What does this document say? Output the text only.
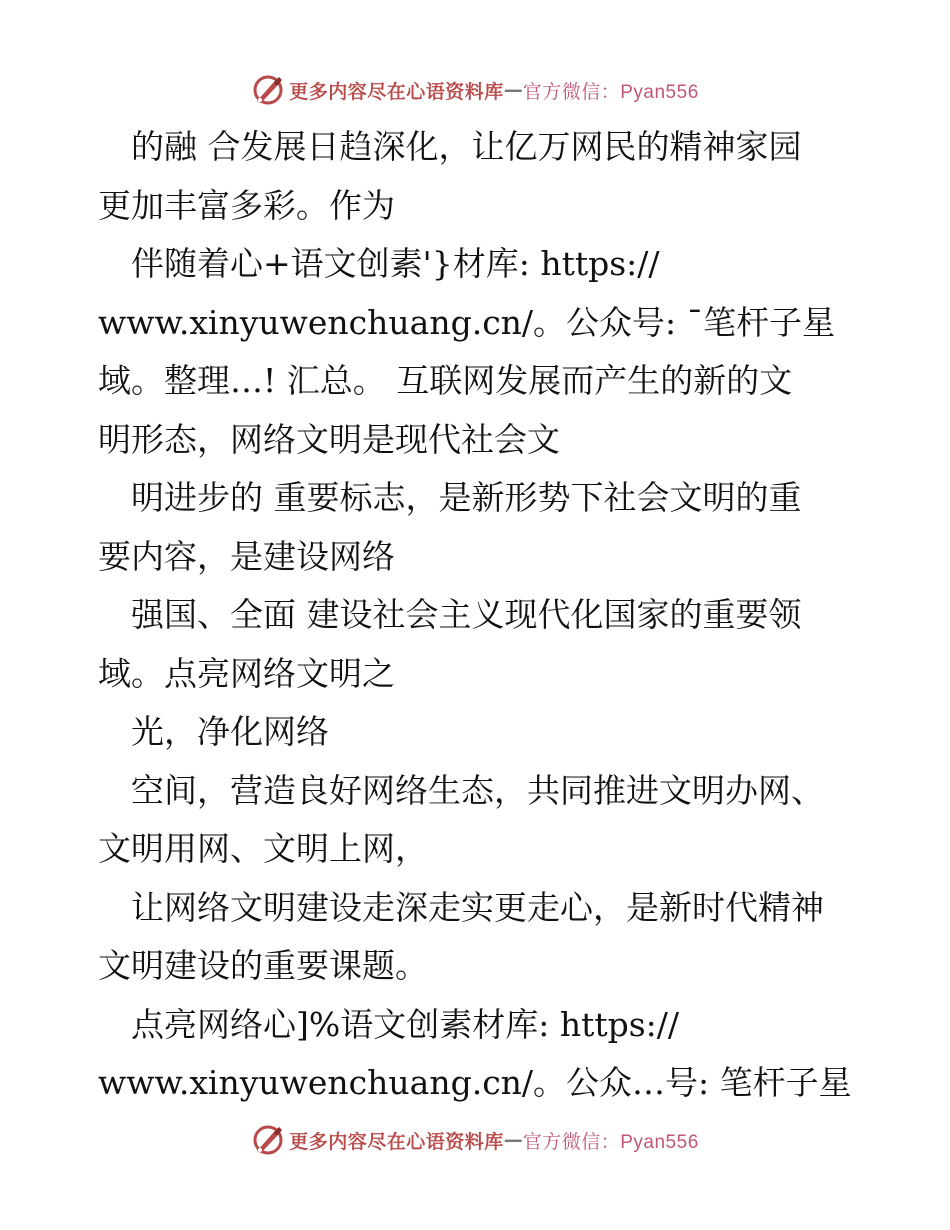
更多内容尽在心语资料库 — 官方微信：Pyan556

　的融 合发展日趋深化，让亿万网民的精神家园

更加丰富多彩。作为

　伴随着心+语文创素'}材库: https://

www.xinyuwenchuang.cn/。公众号: ¯笔杆子星

域。整理…! 汇总。 互联网发展而产生的新的文

明形态，网络文明是现代社会文

　明进步的 重要标志，是新形势下社会文明的重

要内容，是建设网络

　强国、全面 建设社会主义现代化国家的重要领

域。点亮网络文明之

　光，净化网络

　空间，营造良好网络生态，共同推进文明办网、

文明用网、文明上网，

　让网络文明建设走深走实更走心，是新时代精神

文明建设的重要课题。

　点亮网络心]%语文创素材库: https://

www.xinyuwenchuang.cn/。公众…号: 笔杆子星

更多内容尽在心语资料库 — 官方微信：Pyan556
